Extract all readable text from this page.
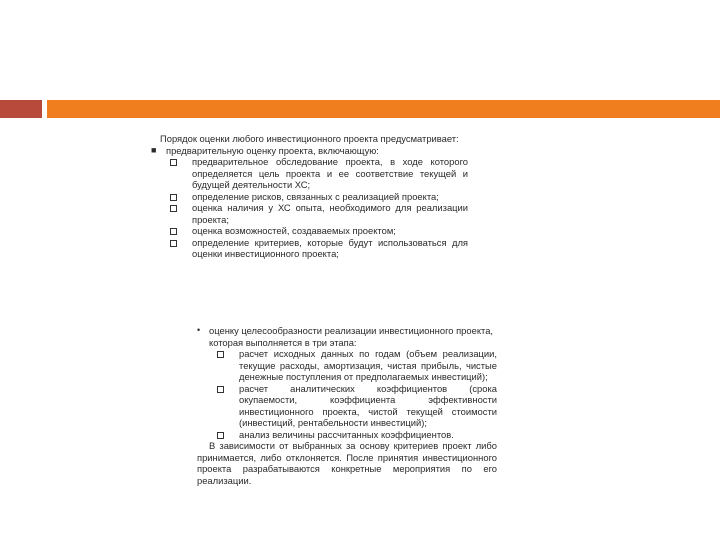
Порядок оценки любого инвестиционного проекта предусматривает:

■ предварительную оценку проекта, включающую:
предварительное обследование проекта, в ходе которого определяется цель проекта и ее соответствие текущей и будущей деятельности ХС;
определение рисков, связанных с реализацией проекта;
оценка наличия у ХС опыта, необходимого для реализации проекта;
оценка возможностей, создаваемых проектом;
определение критериев, которые будут использоваться для оценки инвестиционного проекта;
• оценку целесообразности реализации инвестиционного проекта, которая выполняется в три этапа:
расчет исходных данных по годам (объем реализации, текущие расходы, амортизация, чистая прибыль, чистые денежные поступления от предполагаемых инвестиций);
расчет аналитических коэффициентов (срока окупаемости, коэффициента эффективности инвестиционного проекта, чистой текущей стоимости (инвестиций, рентабельности инвестиций);
анализ величины рассчитанных коэффициентов.

В зависимости от выбранных за основу критериев проект либо принимается, либо отклоняется. После принятия инвестиционного проекта разрабатываются конкретные мероприятия по его реализации.
